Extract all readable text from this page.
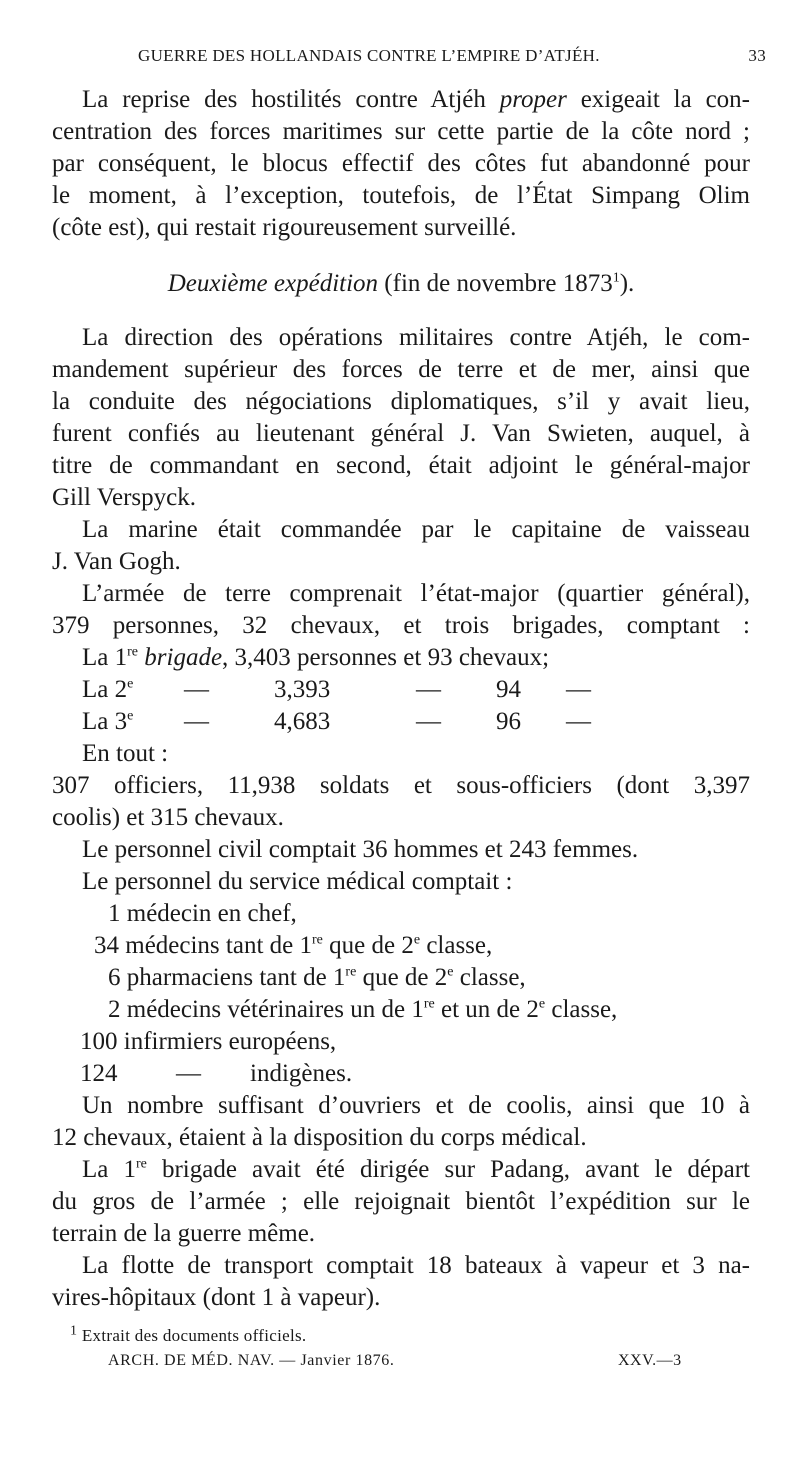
GUERRE DES HOLLANDAIS CONTRE L’EMPIRE D’ATJÉH.	33
La reprise des hostilités contre Atjéh proper exigeait la con-
centration des forces maritimes sur cette partie de la côte nord ;
par conséquent, le blocus effectif des côtes fut abandonné pour
le moment, à l’exception, toutefois, de l’État Simpang Olim
(côte est), qui restait rigoureusement surveillé.
Deuxième expédition (fin de novembre 1873$^1$).
La direction des opérations militaires contre Atjéh, le com-
mandement supérieur des forces de terre et de mer, ainsi que
la conduite des négociations diplomatiques, s’il y avait lieu,
furent confiés au lieutenant général J. Van Swieten, auquel, à
titre de commandant en second, était adjoint le général-major
Gill Verspyck.
La marine était commandée par le capitaine de vaisseau
J. Van Gogh.
L’armée de terre comprenait l’état-major (quartier général),
379 personnes, 32 chevaux, et trois brigades, comptant :
La 1re brigade, 3,403 personnes et 93 chevaux;
La 2e —	3,393	— 94 —
La 3e —	4,683	— 96 —
En tout :
307 officiers, 11,938 soldats et sous-officiers (dont 3,397
coolis) et 315 chevaux.
Le personnel civil comptait 36 hommes et 243 femmes.
Le personnel du service médical comptait :
1 médecin en chef,
34 médecins tant de 1re que de 2e classe,
6 pharmaciens tant de 1re que de 2e classe,
2 médecins vétérinaires un de 1re et un de 2e classe,
100 infirmiers européens,
124 — indigènes.
Un nombre suffisant d’ouvriers et de coolis, ainsi que 10 à
12 chevaux, étaient à la disposition du corps médical.
La 1re brigade avait été dirigée sur Padang, avant le départ
du gros de l’armée ; elle rejoignait bientôt l’expédition sur le
terrain de la guerre même.
La flotte de transport comptait 18 bateaux à vapeur et 3 na-
vires-hôpitaux (dont 1 à vapeur).
$^1$ Extrait des documents officiels.
ARCH. DE MÉD. NAV. — Janvier 1876.	XXV.—3
